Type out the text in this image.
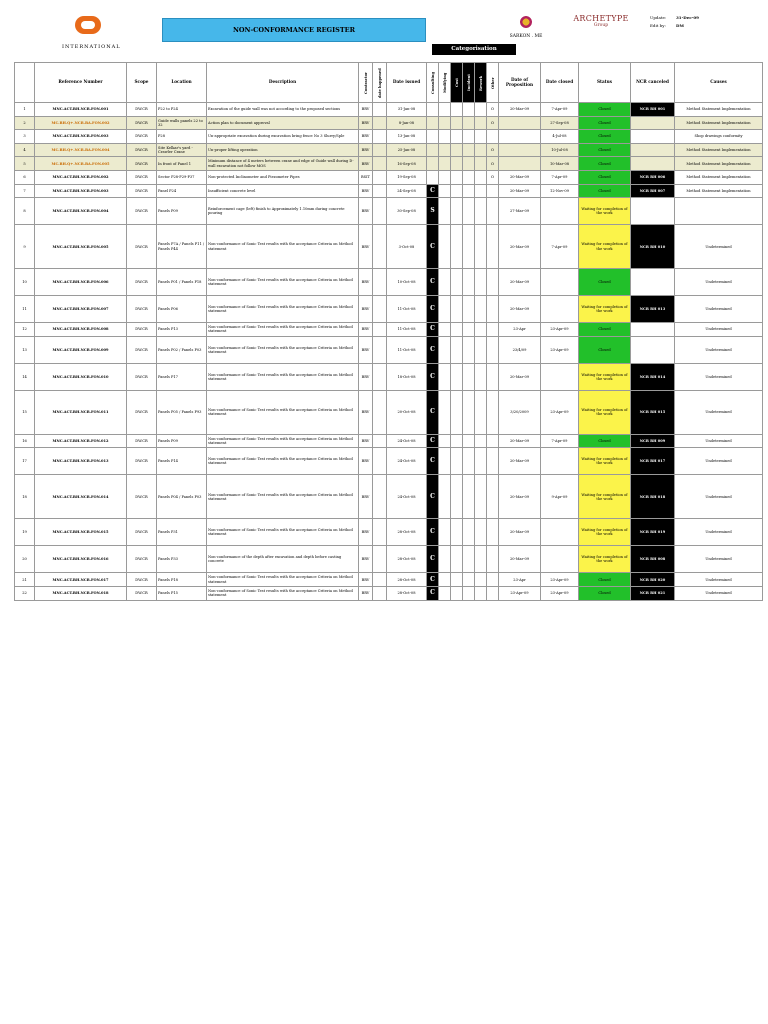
INTERNATIONAL
NON-CONFORMANCE REGISTER
SARKON . ME
ARCHETYPE
Group
Update: 31-Dec-09
Edit by:	DM
Categorisation
	Reference Number	Scope	Location	Description	Contractor	date happened	Date issued	Consulting	Modifying	Cost	Incident	Rework	Other	Date of Proposition	Date closed	Status	NCR canceled	Causes
1	MNC.ACT.BH.NCR.FON.001	DW.CR	P22 to P24	Excavation of the guide wall was not according to the proposed sections	BRV		31-Jan-08						O	20-Mar-09	7-Apr-09	Closed	NCR RH 001	Method Statement Implementation
2	MC.BH.Q+.NCR.BA.FON.002	DW.CR	Guide walls panels 22 to 32	Action plan to document approval	BRV		8-Jan-08						O		27-Sep-08	Closed		Method Statement Implementation
3	MNC.ACT.BH.NCR.FON.003	DW.CR	P28	Un-appropriate excavation during excavation bring fence No 3 Slurry/Sple	BRV		13-Jan-08								4-Jul-08	Closed		Shop drawings conformity
4	MC.BH.Q+.NCR.BA.FON.004	DW.CR	Site Kelkar's yard - Crawler Crane	Un-proper lifting operation	BRV		25-Jan-08						O		10-Jul-08	Closed		Method Statement Implementation
5	MC.BH.Q+.NCR.BA.FON.005	DW.CR	In front of Panel 1	Minimum distance of 4 meters between crane and edge of Guide wall during D-wall excavation not follow MOS	BRV		16-Sep-08						O		10-Mar-08	Closed		Method Statement Implementation
6	MNC.ACT.BH.NCR.FON.002	DW.CR	Sector P28-P29-P37	Non-protected Inclinometer and Piezometer Pipes	BSIT		19-Sep-08						O	20-Mar-09	7-Apr-09	Closed	NCR RH 006	Method Statement Implementation
7	MNC.ACT.BH.NCR.FON.003	DW.CR	Panel P24	Insufficient concrete level	BRV		24-Sep-08	C						20-Mar-09	12-Nov-09	Closed	NCR RH 007	Method Statement Implementation
8	MNC.ACT.BH.NCR.FON.004	DW.CR	Panels P09	Reinforcement cage (left) finish to Approximately 1.10mm during concrete pouring	BRV		30-Sep-08	S						27-Mar-09		Waiting for completion of the work		
9	MNC.ACT.BH.NCR.FON.005	DW.CR	Panels P7A / Panels P11 / Panels P44	Non-conformance of Sonic Test results with the acceptance Criteria on Method statement	BRV		3-Oct-08	C						20-Mar-09	7-Apr-09	Waiting for completion of the work	NCR RH 010	Undetermined
10	MNC.ACT.BH.NCR.FON.006	DW.CR	Panels P01 / Panels P18	Non-conformance of Sonic Test results with the acceptance Criteria on Method statement	BRV		10-Oct-08	C						20-Mar-09		Closed		Undetermined
11	MNC.ACT.BH.NCR.FON.007	DW.CR	Panels P06	Non-conformance of Sonic Test results with the acceptance Criteria on Method statement	BRV		11-Oct-08	C						20-Mar-09		Waiting for completion of the work	NCR RH 013	Undetermined
12	MNC.ACT.BH.NCR.FON.008	DW.CR	Panels P13	Non-conformance of Sonic Test results with the acceptance Criteria on Method statement	BRV		11-Oct-08	C						23-Apr	23-Apr-09	Closed		Undetermined
13	MNC.ACT.BH.NCR.FON.009	DW.CR	Panels P02 / Panels P03	Non-conformance of Sonic Test results with the acceptance Criteria on Method statement	BRV		11-Oct-08	C						23/4/09	23-Apr-09	Closed		Undetermined
14	MNC.ACT.BH.NCR.FON.010	DW.CR	Panels P17	Non-conformance of Sonic Test results with the acceptance Criteria on Method statement	BRV		18-Oct-08	C						20-Mar-09		Waiting for completion of the work	NCR RH 014	Undetermined
15	MNC.ACT.BH.NCR.FON.011	DW.CR	Panels P05 / Panels P93	Non-conformance of Sonic Test results with the acceptance Criteria on Method statement	BRV		20-Oct-08	C						3/20/2009	23-Apr-09	Waiting for completion of the work	NCR RH 015	Undetermined
16	MNC.ACT.BH.NCR.FON.012	DW.CR	Panels P09	Non-conformance of Sonic Test results with the acceptance Criteria on Method statement	BRV		24-Oct-08	C						20-Mar-09	7-Apr-09	Closed	NCR RH 009	Undetermined
17	MNC.ACT.BH.NCR.FON.013	DW.CR	Panels P14	Non-conformance of Sonic Test results with the acceptance Criteria on Method statement	BRV		24-Oct-08	C						20-Mar-09		Waiting for completion of the work	NCR RH 017	Undetermined
18	MNC.ACT.BH.NCR.FON.014	DW.CR	Panels P04 / Panels P03	Non-conformance of Sonic Test results with the acceptance Criteria on Method statement	BRV		24-Oct-08	C						20-Mar-09	9-Apr-09	Waiting for completion of the work	NCR RH 018	Undetermined
19	MNC.ACT.BH.NCR.FON.015	DW.CR	Panels P31	Non-conformance of Sonic Test results with the acceptance Criteria on Method statement	BRV		28-Oct-08	C						20-Mar-09		Waiting for completion of the work	NCR RH 019	Undetermined
20	MNC.ACT.BH.NCR.FON.016	DW.CR	Panels P33	Non-conformance of the depth after excavation and depth before casting concrete	BRV		28-Oct-08	C						20-Mar-09		Waiting for completion of the work	NCR RH 008	Undetermined
21	MNC.ACT.BH.NCR.FON.017	DW.CR	Panels P18	Non-conformance of Sonic Test results with the acceptance Criteria on Method statement	BRV		28-Oct-08	C						23-Apr	23-Apr-09	Closed	NCR RH 020	Undetermined
22	MNC.ACT.BH.NCR.FON.018	DW.CR	Panels P15	Non-conformance of Sonic Test results with the acceptance Criteria on Method statement	BRV		28-Oct-08	C						23-Apr-09	23-Apr-09	Closed	NCR RH 021	Undetermined
